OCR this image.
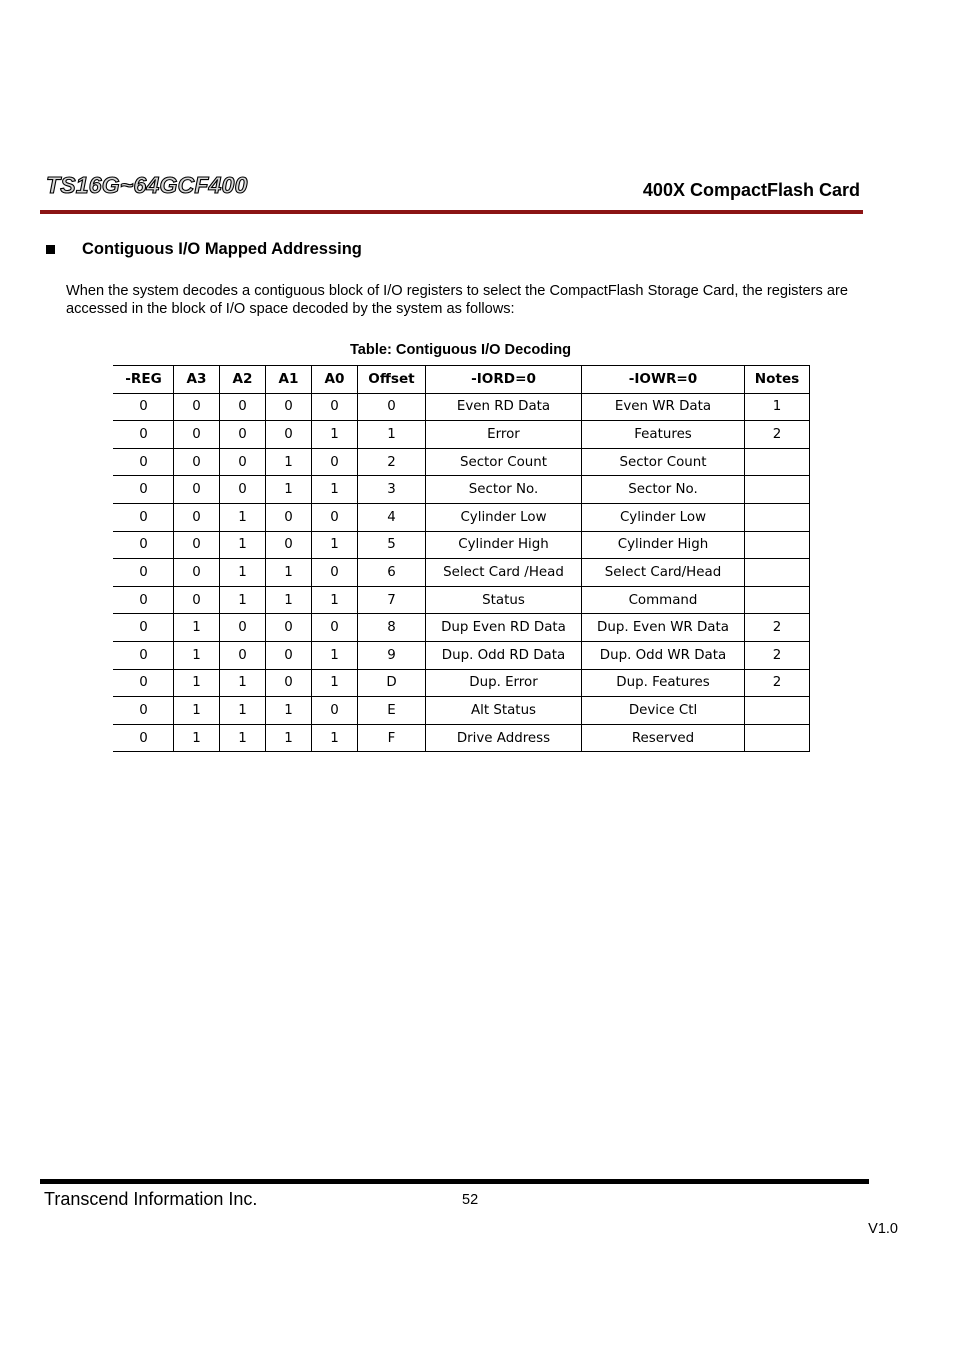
TS16G~64GCF400	400X CompactFlash Card
Contiguous I/O Mapped Addressing
When the system decodes a contiguous block of I/O registers to select the CompactFlash Storage Card, the registers are accessed in the block of I/O space decoded by the system as follows:
Table: Contiguous I/O Decoding
-REG	A3	A2	A1	A0	Offset	-IORD=0	-IOWR=0	Notes
0	0	0	0	0	0	Even RD Data	Even WR Data	1
0	0	0	0	1	1	Error	Features	2
0	0	0	1	0	2	Sector Count	Sector Count	
0	0	0	1	1	3	Sector No.	Sector No.	
0	0	1	0	0	4	Cylinder Low	Cylinder Low	
0	0	1	0	1	5	Cylinder High	Cylinder High	
0	0	1	1	0	6	Select Card /Head	Select Card/Head	
0	0	1	1	1	7	Status	Command	
0	1	0	0	0	8	Dup Even RD Data	Dup. Even WR Data	2
0	1	0	0	1	9	Dup. Odd RD Data	Dup. Odd WR Data	2
0	1	1	0	1	D	Dup. Error	Dup. Features	2
0	1	1	1	0	E	Alt Status	Device Ctl	
0	1	1	1	1	F	Drive Address	Reserved	
Transcend Information Inc.	52
V1.0
